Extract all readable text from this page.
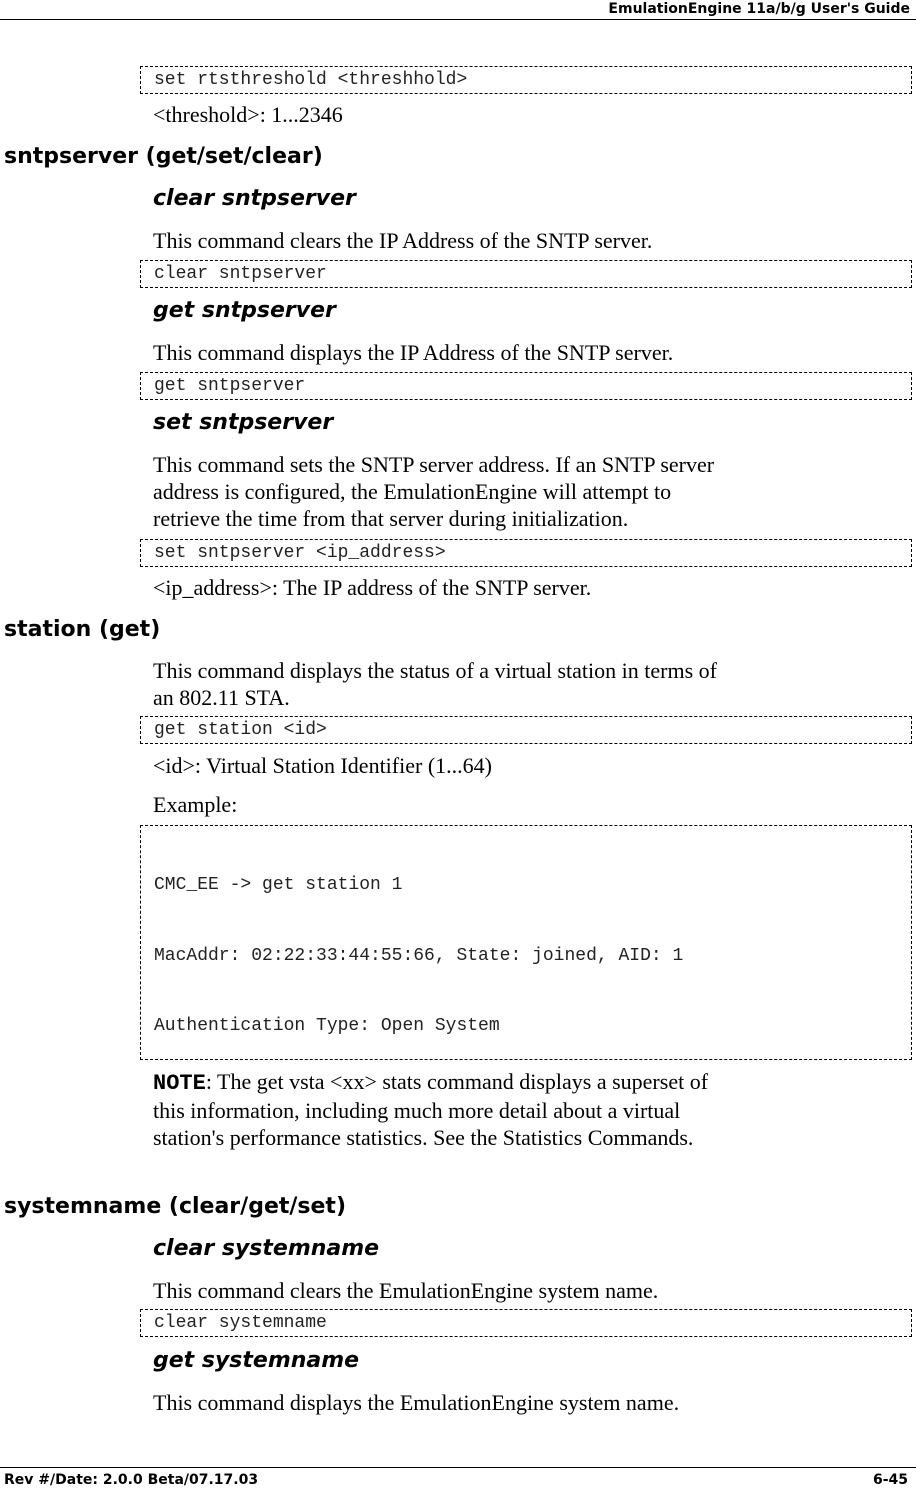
EmulationEngine 11a/b/g User's Guide
set rtsthreshold <threshhold>
<threshold>: 1...2346
sntpserver (get/set/clear)
clear sntpserver
This command clears the IP Address of the SNTP server.
clear sntpserver
get sntpserver
This command displays the IP Address of the SNTP server.
get sntpserver
set sntpserver
This command sets the SNTP server address. If an SNTP server
address is configured, the EmulationEngine will attempt to
retrieve the time from that server during initialization.
set sntpserver <ip_address>
<ip_address>: The IP address of the SNTP server.
station (get)
This command displays the status of a virtual station in terms of
an 802.11 STA.
get station <id>
<id>: Virtual Station Identifier (1...64)
Example:

CMC_EE -> get station 1

MacAddr: 02:22:33:44:55:66, State: joined, AID: 1

Authentication Type: Open System

NOTE: The get vsta <xx> stats command displays a superset of
this information, including much more detail about a virtual
station's performance statistics. See the Statistics Commands.
systemname (clear/get/set)
clear systemname
This command clears the EmulationEngine system name.
clear systemname
get systemname
This command displays the EmulationEngine system name.
Rev #/Date: 2.0.0 Beta/07.17.03	6-45
